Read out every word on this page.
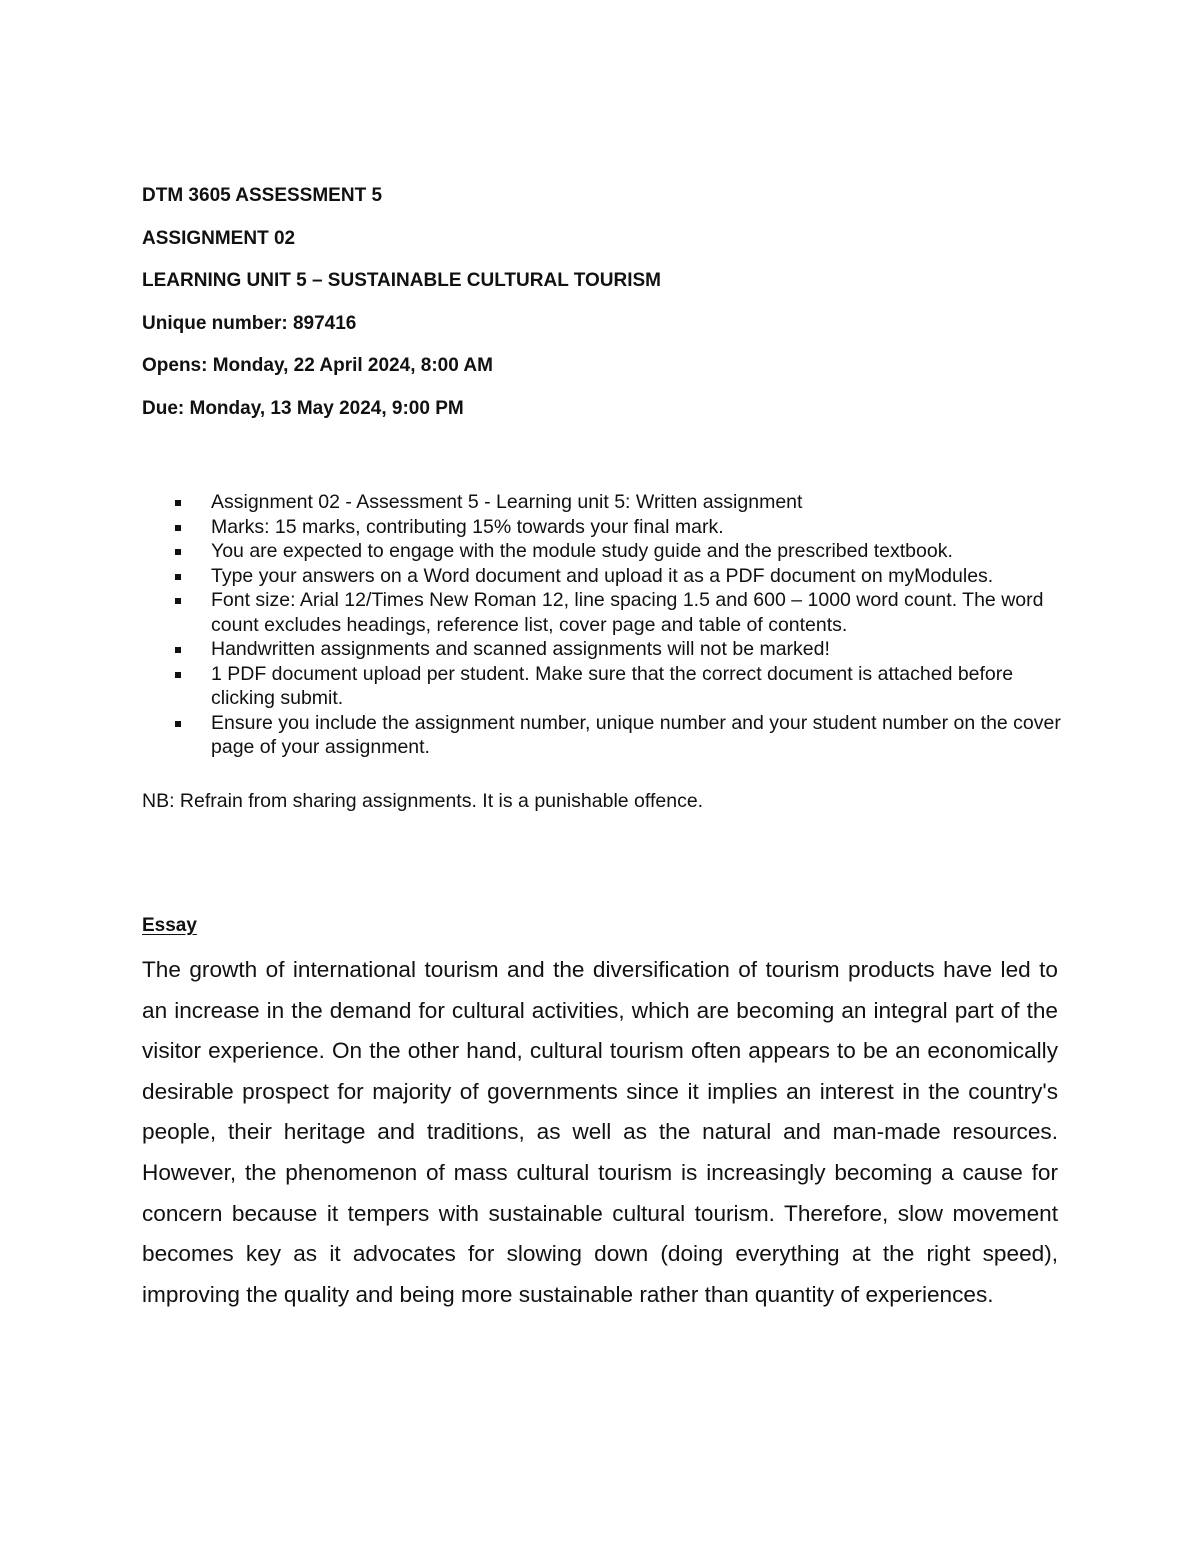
DTM 3605 ASSESSMENT 5
ASSIGNMENT 02
LEARNING UNIT 5 – SUSTAINABLE CULTURAL TOURISM
Unique number: 897416
Opens: Monday, 22 April 2024, 8:00 AM
Due: Monday, 13 May 2024, 9:00 PM
Assignment 02 - Assessment 5 - Learning unit 5: Written assignment
Marks: 15 marks, contributing 15% towards your final mark.
You are expected to engage with the module study guide and the prescribed textbook.
Type your answers on a Word document and upload it as a PDF document on myModules.
Font size: Arial 12/Times New Roman 12, line spacing 1.5 and 600 – 1000 word count. The word count excludes headings, reference list, cover page and table of contents.
Handwritten assignments and scanned assignments will not be marked!
1 PDF document upload per student. Make sure that the correct document is attached before clicking submit.
Ensure you include the assignment number, unique number and your student number on the cover page of your assignment.
NB: Refrain from sharing assignments. It is a punishable offence.
Essay

The growth of international tourism and the diversification of tourism products have led to an increase in the demand for cultural activities, which are becoming an integral part of the visitor experience. On the other hand, cultural tourism often appears to be an economically desirable prospect for majority of governments since it implies an interest in the country's people, their heritage and traditions, as well as the natural and man-made resources. However, the phenomenon of mass cultural tourism is increasingly becoming a cause for concern because it tempers with sustainable cultural tourism. Therefore, slow movement becomes key as it advocates for slowing down (doing everything at the right speed), improving the quality and being more sustainable rather than quantity of experiences.
